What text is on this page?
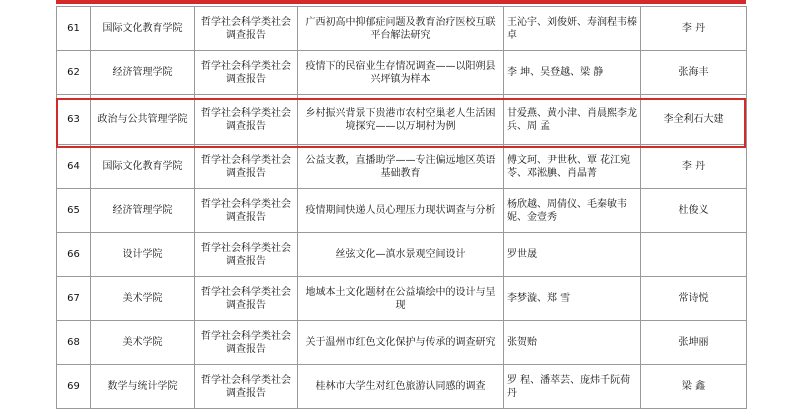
61	国际文化教育学院	哲学社会科学类社会调查报告	广西初高中抑郁症问题及教育治疗医校互联平台解法研究	王沁宇、刘俊妍、寿润程韦榛卓	李 丹
62	经济管理学院	哲学社会科学类社会调查报告	疫情下的民宿业生存情况调查——以阳朔县兴坪镇为样本	李 坤、吴登越、梁 静	张海丰
63	政治与公共管理学院	哲学社会科学类社会调查报告	乡村振兴背景下贵港市农村空巢老人生活困境探究——以万垌村为例	甘爱燕、黄小津、肖晨熙李龙兵、周 孟	李全利石大建
64	国际文化教育学院	哲学社会科学类社会调查报告	公益支教，直播助学——专注偏远地区英语基础教育	傅文珂、尹世秋、覃 花江宛苓、邓淞腆、肖晶菁	李 丹
65	经济管理学院	哲学社会科学类社会调查报告	疫情期间快递人员心理压力现状调查与分析	杨欣越、周倩仪、毛秦敏韦 妮、金壹秀	杜俊义
66	设计学院	哲学社会科学类社会调查报告	丝弦文化—滇水景观空间设计	罗世晟	
67	美术学院	哲学社会科学类社会调查报告	地域本土文化题材在公益墙绘中的设计与呈现	李梦漩、郑 雪	常诗悦
68	美术学院	哲学社会科学类社会调查报告	关于温州市红色文化保护与传承的调查研究	张贺贻	张坤丽
69	数学与统计学院	哲学社会科学类社会调查报告	桂林市大学生对红色旅游认同感的调查	罗 程、潘萃芸、庞炜千阮荷丹	梁 鑫
